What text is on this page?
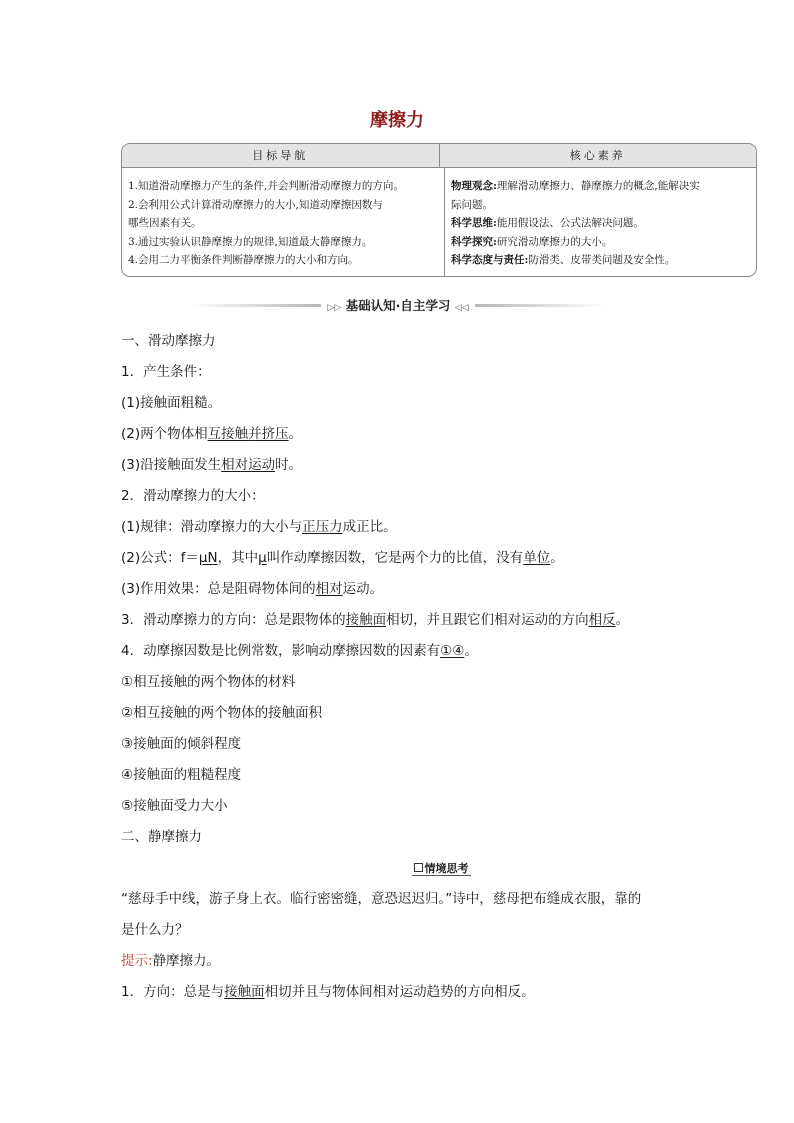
摩擦力
目标导航	核心素养
1.知道滑动摩擦力产生的条件,并会判断滑动摩擦力的方向。
2.会利用公式计算滑动摩擦力的大小,知道动摩擦因数与
哪些因素有关。
3.通过实验认识静摩擦力的规律,知道最大静摩擦力。
4.会用二力平衡条件判断静摩擦力的大小和方向。
物理观念:理解滑动摩擦力、静摩擦力的概念,能解决实
际问题。
科学思维:能用假设法、公式法解决问题。
科学探究:研究滑动摩擦力的大小。
科学态度与责任:防滑类、皮带类问题及安全性。
▷▷ 基础认知·自主学习 ◁◁
一、滑动摩擦力
1．产生条件：
(1)接触面粗糙。
(2)两个物体相互接触并挤压。
(3)沿接触面发生相对运动时。
2．滑动摩擦力的大小：
(1)规律：滑动摩擦力的大小与正压力成正比。
(2)公式：f＝μN，其中μ叫作动摩擦因数，它是两个力的比值，没有单位。
(3)作用效果：总是阻碍物体间的相对运动。
3．滑动摩擦力的方向：总是跟物体的接触面相切，并且跟它们相对运动的方向相反。
4．动摩擦因数是比例常数，影响动摩擦因数的因素有①④。
①相互接触的两个物体的材料
②相互接触的两个物体的接触面积
③接触面的倾斜程度
④接触面的粗糙程度
⑤接触面受力大小
二、静摩擦力
情境思考
“慈母手中线，游子身上衣。临行密密缝，意恐迟迟归。”诗中，慈母把布缝成衣服，靠的
是什么力？
提示:静摩擦力。
1．方向：总是与接触面相切并且与物体间相对运动趋势的方向相反。
